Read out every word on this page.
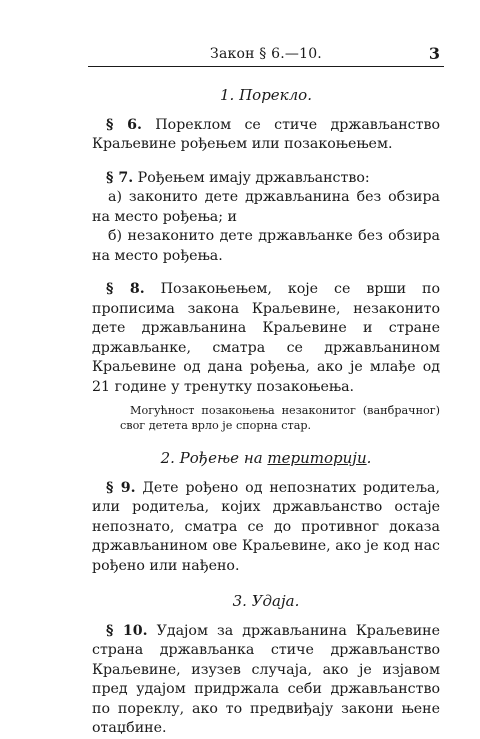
Закон § 6.—10.	3
1. Порекло.

§ 6. Пореклом се стиче држављанство Краљевине рођењем или позакоњењем.

§ 7. Рођењем имају држављанство:

а) законито дете држављанина без обзира на место рођења; и

б) незаконито дете држављанке без обзира на место рођења.

§ 8. Позакоњењем, које се врши по прописима закона Краљевине, незаконито дете држављанина Краљевине и стране држављанке, сматра се држављанином Краљевине од дана рођења, ако је млађе од 21 године у тренутку позакоњења.

Могућност позакоњења незаконитог (ванбрачног) свог детета врло је спорна стар.

2. Рођење на територији.

§ 9. Дете рођено од непознатих родитеља, или родитеља, којих држављанство остаје непознато, сматра се до противног доказа држављанином ове Краљевине, ако је код нас рођено или нађено.

3. Удаја.

§ 10. Удајом за држављанина Краљевине страна држављанка стиче држављанство Краљевине, изузев случаја, ако је изјавом пред удајом придржала себи држављанство по пореклу, ако то предвиђају закони њене отаџбине.
